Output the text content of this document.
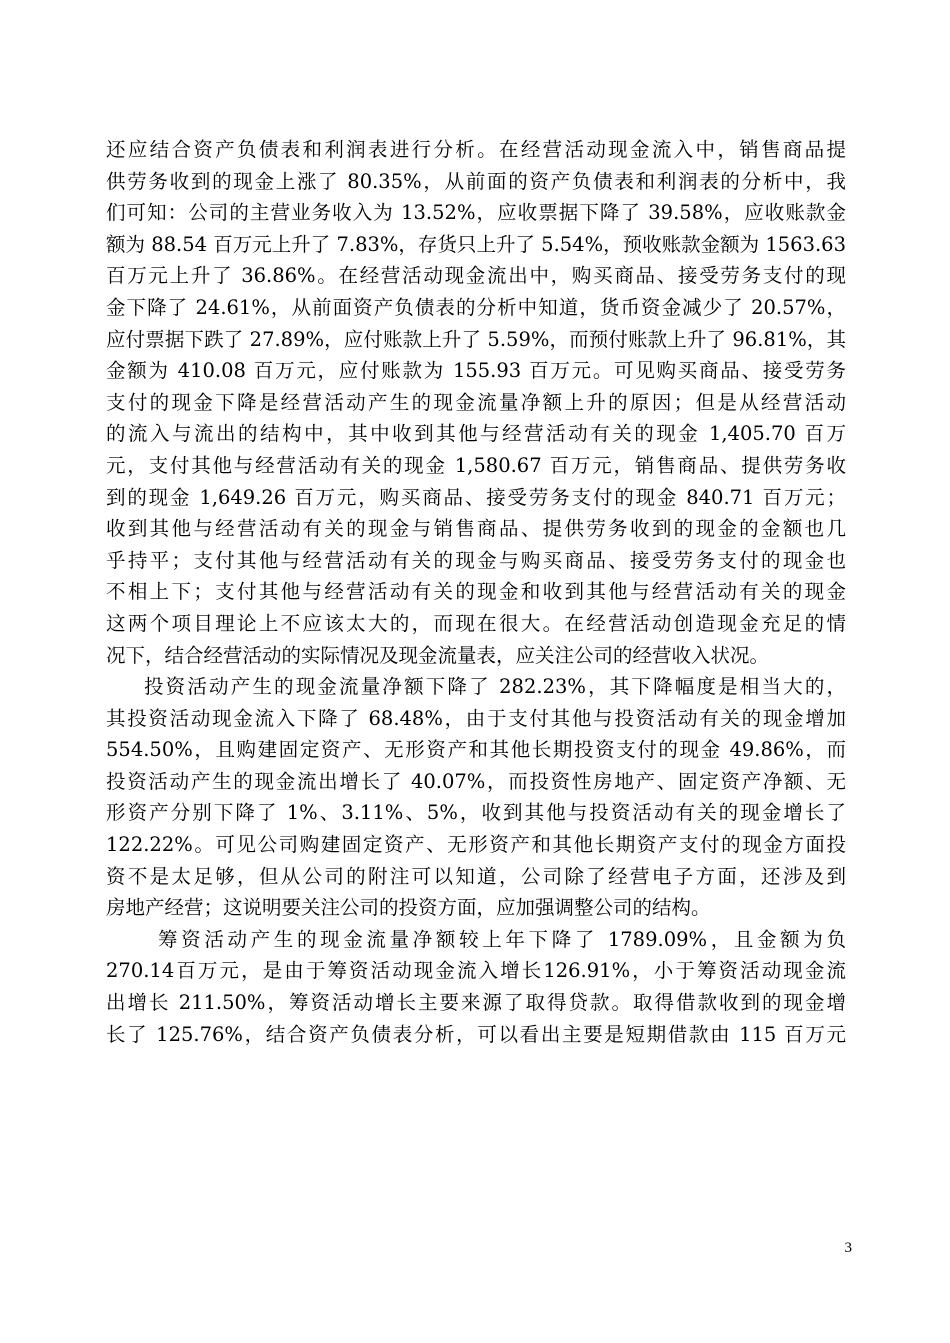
还应结合资产负债表和利润表进行分析。在经营活动现金流入中，销售商品提
供劳务收到的现金上涨了 80.35%，从前面的资产负债表和利润表的分析中，我
们可知：公司的主营业务收入为 13.52%，应收票据下降了 39.58%，应收账款金
额为 88.54 百万元上升了 7.83%，存货只上升了 5.54%，预收账款金额为 1563.63
百万元上升了 36.86%。在经营活动现金流出中，购买商品、接受劳务支付的现
金下降了 24.61%，从前面资产负债表的分析中知道，货币资金减少了 20.57%，
应付票据下跌了 27.89%，应付账款上升了 5.59%，而预付账款上升了 96.81%，其
金额为 410.08 百万元，应付账款为 155.93 百万元。可见购买商品、接受劳务
支付的现金下降是经营活动产生的现金流量净额上升的原因；但是从经营活动
的流入与流出的结构中，其中收到其他与经营活动有关的现金 1,405.70 百万
元，支付其他与经营活动有关的现金 1,580.67 百万元，销售商品、提供劳务收
到的现金 1,649.26 百万元，购买商品、接受劳务支付的现金 840.71 百万元；
收到其他与经营活动有关的现金与销售商品、提供劳务收到的现金的金额也几
乎持平；支付其他与经营活动有关的现金与购买商品、接受劳务支付的现金也
不相上下；支付其他与经营活动有关的现金和收到其他与经营活动有关的现金
这两个项目理论上不应该太大的，而现在很大。在经营活动创造现金充足的情
况下，结合经营活动的实际情况及现金流量表，应关注公司的经营收入状况。
投资活动产生的现金流量净额下降了 282.23%，其下降幅度是相当大的，
其投资活动现金流入下降了 68.48%，由于支付其他与投资活动有关的现金增加
554.50%，且购建固定资产、无形资产和其他长期投资支付的现金 49.86%，而
投资活动产生的现金流出增长了 40.07%，而投资性房地产、固定资产净额、无
形资产分别下降了 1%、3.11%、5%，收到其他与投资活动有关的现金增长了
122.22%。可见公司购建固定资产、无形资产和其他长期资产支付的现金方面投
资不是太足够，但从公司的附注可以知道，公司除了经营电子方面，还涉及到
房地产经营；这说明要关注公司的投资方面，应加强调整公司的结构。
筹资活动产生的现金流量净额较上年下降了 1789.09%，且金额为负
270.14百万元，是由于筹资活动现金流入增长126.91%，小于筹资活动现金流
出增长 211.50%，筹资活动增长主要来源了取得贷款。取得借款收到的现金增
长了 125.76%，结合资产负债表分析，可以看出主要是短期借款由 115 百万元
3
